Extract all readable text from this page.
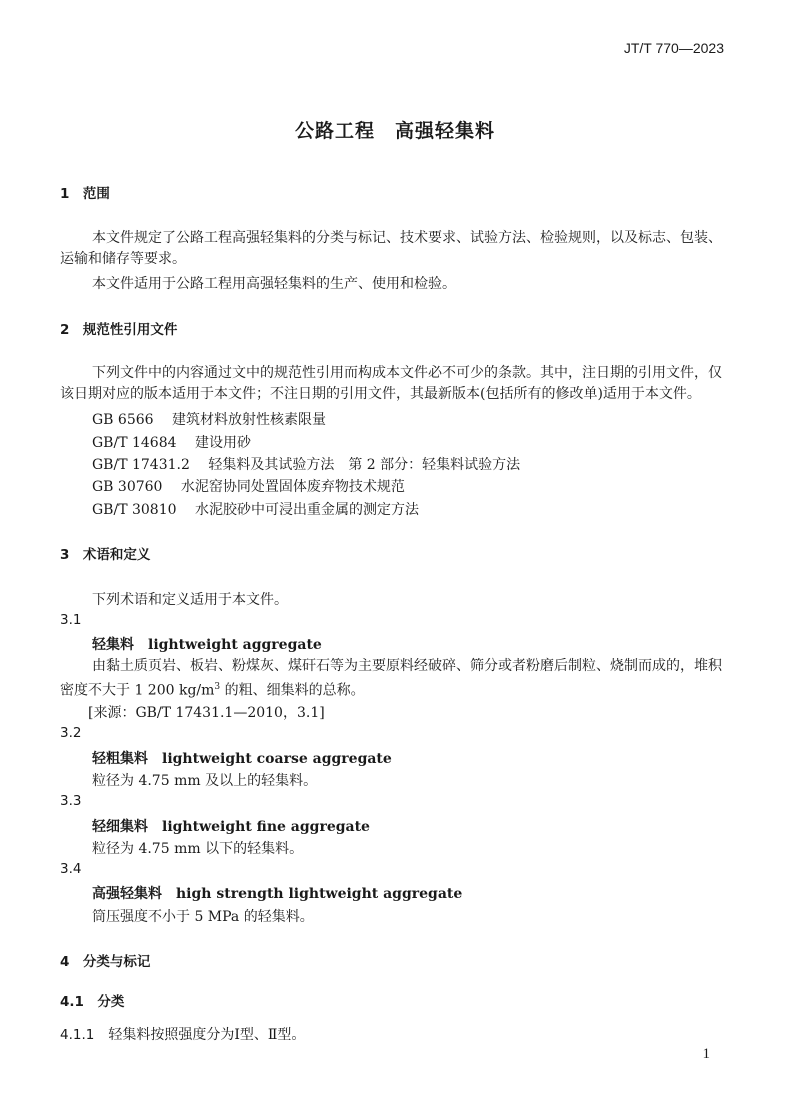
JT/T 770—2023
公路工程　高强轻集料
1　范围
本文件规定了公路工程高强轻集料的分类与标记、技术要求、试验方法、检验规则，以及标志、包装、运输和储存等要求。
本文件适用于公路工程用高强轻集料的生产、使用和检验。
2　规范性引用文件
下列文件中的内容通过文中的规范性引用而构成本文件必不可少的条款。其中，注日期的引用文件，仅该日期对应的版本适用于本文件；不注日期的引用文件，其最新版本(包括所有的修改单)适用于本文件。
GB 6566　 建筑材料放射性核素限量
GB/T 14684　 建设用砂
GB/T 17431.2　 轻集料及其试验方法　第 2 部分：轻集料试验方法
GB 30760　 水泥窑协同处置固体废弃物技术规范
GB/T 30810　 水泥胶砂中可浸出重金属的测定方法
3　术语和定义
下列术语和定义适用于本文件。
3.1
轻集料　 lightweight aggregate
由黏土质页岩、板岩、粉煤灰、煤矸石等为主要原料经破碎、筛分或者粉磨后制粒、烧制而成的，堆积密度不大于 1 200 $kg/m^3$ 的粗、细集料的总称。
[来源：GB/T 17431.1—2010，3.1]
3.2
轻粗集料　 lightweight coarse aggregate
粒径为 4.75 mm 及以上的轻集料。
3.3
轻细集料　 lightweight fine aggregate
粒径为 4.75 mm 以下的轻集料。
3.4
高强轻集料　 high strength lightweight aggregate
筒压强度不小于 5 MPa 的轻集料。
4　分类与标记
4.1　分类
4.1.1　 轻集料按照强度分为Ⅰ型、Ⅱ型。
1
